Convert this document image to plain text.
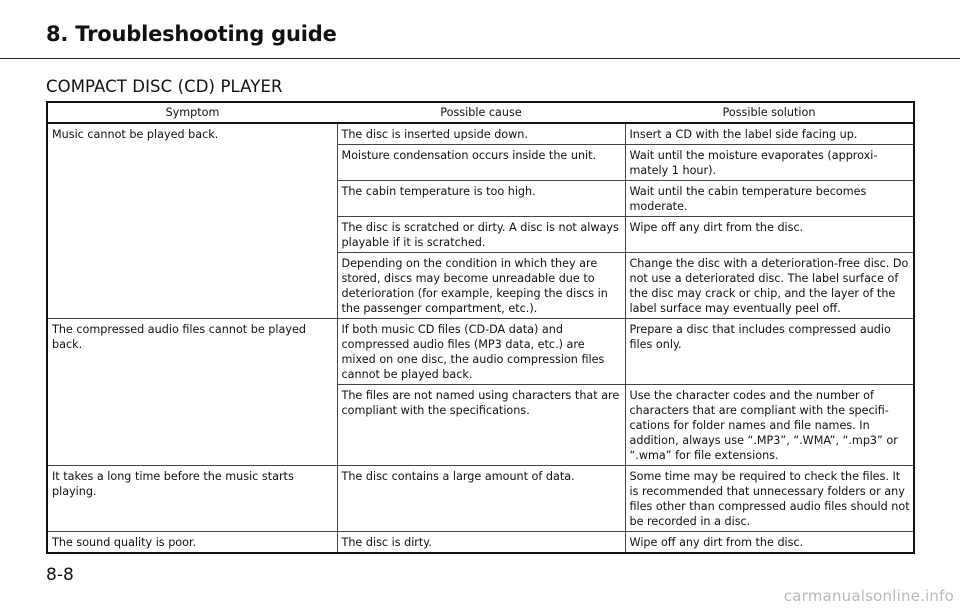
8. Troubleshooting guide
COMPACT DISC (CD) PLAYER
Symptom	Possible cause	Possible solution
Music cannot be played back.	The disc is inserted upside down.	Insert a CD with the label side facing up.
	Moisture condensation occurs inside the unit.	Wait until the moisture evaporates (approxi- mately 1 hour).
	The cabin temperature is too high.	Wait until the cabin temperature becomes moderate.
	The disc is scratched or dirty. A disc is not always playable if it is scratched.	Wipe off any dirt from the disc.
	Depending on the condition in which they are stored, discs may become unreadable due to deterioration (for example, keeping the discs in the passenger compartment, etc.).	Change the disc with a deterioration-free disc. Do not use a deteriorated disc. The label surface of the disc may crack or chip, and the layer of the label surface may eventually peel off.
The compressed audio files cannot be played back.	If both music CD files (CD-DA data) and compressed audio files (MP3 data, etc.) are mixed on one disc, the audio compression files cannot be played back.	Prepare a disc that includes compressed audio files only.
	The files are not named using characters that are compliant with the specifications.	Use the character codes and the number of characters that are compliant with the specifi- cations for folder names and file names. In addition, always use “.MP3”, “.WMA”, “.mp3” or “.wma” for file extensions.
It takes a long time before the music starts playing.	The disc contains a large amount of data.	Some time may be required to check the files. It is recommended that unnecessary folders or any files other than compressed audio files should not be recorded in a disc.
The sound quality is poor.	The disc is dirty.	Wipe off any dirt from the disc.
8-8
carmanualsonline.info
